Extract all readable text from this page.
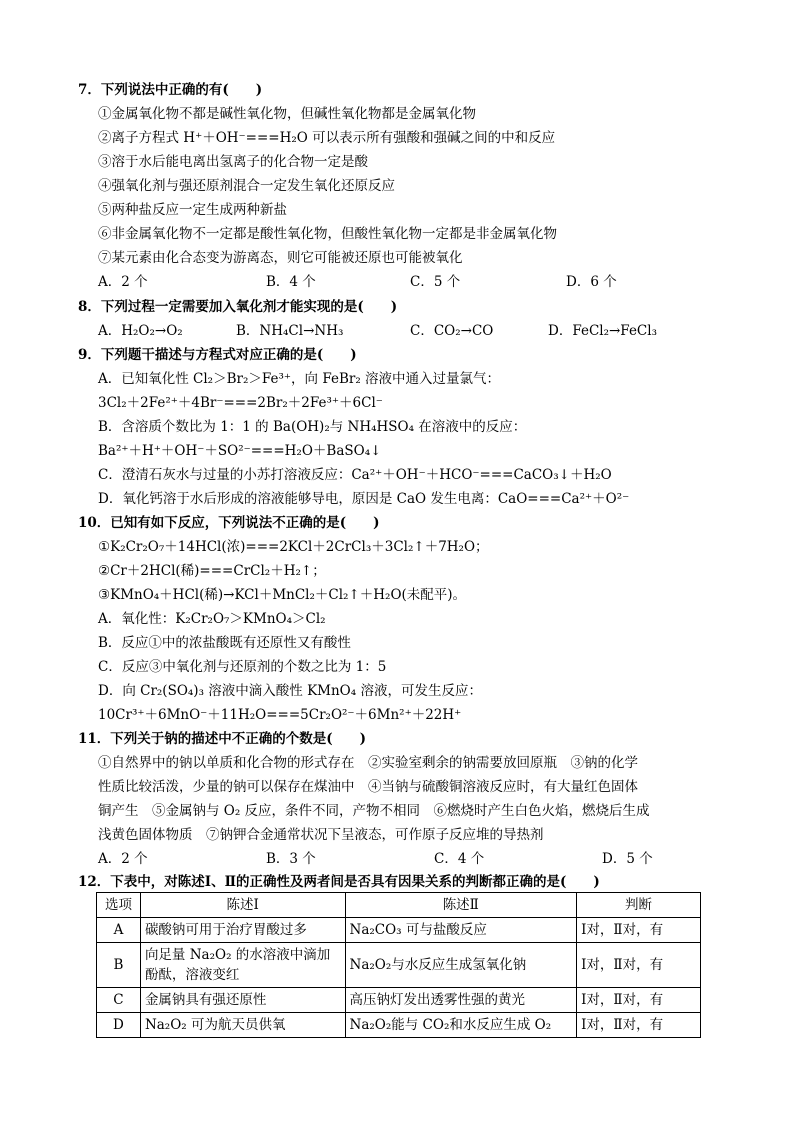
7．下列说法中正确的有(　　)
①金属氧化物不都是碱性氧化物，但碱性氧化物都是金属氧化物
②离子方程式 H⁺＋OH⁻===H₂O 可以表示所有强酸和强碱之间的中和反应
③溶于水后能电离出氢离子的化合物一定是酸
④强氧化剂与强还原剂混合一定发生氧化还原反应
⑤两种盐反应一定生成两种新盐
⑥非金属氧化物不一定都是酸性氧化物，但酸性氧化物一定都是非金属氧化物
⑦某元素由化合态变为游离态，则它可能被还原也可能被氧化
A．2 个	B．4 个	C．5 个	D．6 个
8．下列过程一定需要加入氧化剂才能实现的是(　　)
A．H₂O₂→O₂	B．NH₄Cl→NH₃	C．CO₂→CO	D．FeCl₂→FeCl₃
9．下列题干描述与方程式对应正确的是(　　)
A．已知氧化性 Cl₂＞Br₂＞Fe³⁺，向 FeBr₂ 溶液中通入过量氯气：
3Cl₂＋2Fe²⁺＋4Br⁻===2Br₂＋2Fe³⁺＋6Cl⁻
B．含溶质个数比为 1：1 的 Ba(OH)₂与 NH₄HSO₄ 在溶液中的反应：
Ba²⁺＋H⁺＋OH⁻＋SO²⁻===H₂O＋BaSO₄↓
C．澄清石灰水与过量的小苏打溶液反应：Ca²⁺＋OH⁻＋HCO⁻===CaCO₃↓＋H₂O
D．氧化钙溶于水后形成的溶液能够导电，原因是 CaO 发生电离：CaO===Ca²⁺＋O²⁻
10．已知有如下反应，下列说法不正确的是(　　)
①K₂Cr₂O₇＋14HCl(浓)===2KCl＋2CrCl₃＋3Cl₂↑＋7H₂O；
②Cr＋2HCl(稀)===CrCl₂＋H₂↑；
③KMnO₄＋HCl(稀)→KCl＋MnCl₂＋Cl₂↑＋H₂O(未配平)。
A．氧化性：K₂Cr₂O₇＞KMnO₄＞Cl₂
B．反应①中的浓盐酸既有还原性又有酸性
C．反应③中氧化剂与还原剂的个数之比为 1：5
D．向 Cr₂(SO₄)₃ 溶液中滴入酸性 KMnO₄ 溶液，可发生反应：
10Cr³⁺＋6MnO⁻＋11H₂O===5Cr₂O²⁻＋6Mn²⁺＋22H⁺
11．下列关于钠的描述中不正确的个数是(　　)
①自然界中的钠以单质和化合物的形式存在　②实验室剩余的钠需要放回原瓶　③钠的化学
性质比较活泼，少量的钠可以保存在煤油中　④当钠与硫酸铜溶液反应时，有大量红色固体
铜产生　⑤金属钠与 O₂ 反应，条件不同，产物不相同　⑥燃烧时产生白色火焰，燃烧后生成
浅黄色固体物质　⑦钠钾合金通常状况下呈液态，可作原子反应堆的导热剂
A．2 个	B．3 个	C．4 个	D．5 个
12．下表中，对陈述Ⅰ、Ⅱ的正确性及两者间是否具有因果关系的判断都正确的是(　　)
选项	陈述Ⅰ	陈述Ⅱ	判断
A	碳酸钠可用于治疗胃酸过多	Na₂CO₃ 可与盐酸反应	Ⅰ对，Ⅱ对，有
B	向足量 Na₂O₂ 的水溶液中滴加酚酞，溶液变红	Na₂O₂与水反应生成氢氧化钠	Ⅰ对，Ⅱ对，有
C	金属钠具有强还原性	高压钠灯发出透雾性强的黄光	Ⅰ对，Ⅱ对，有
D	Na₂O₂ 可为航天员供氧	Na₂O₂能与 CO₂和水反应生成 O₂	Ⅰ对，Ⅱ对，有
